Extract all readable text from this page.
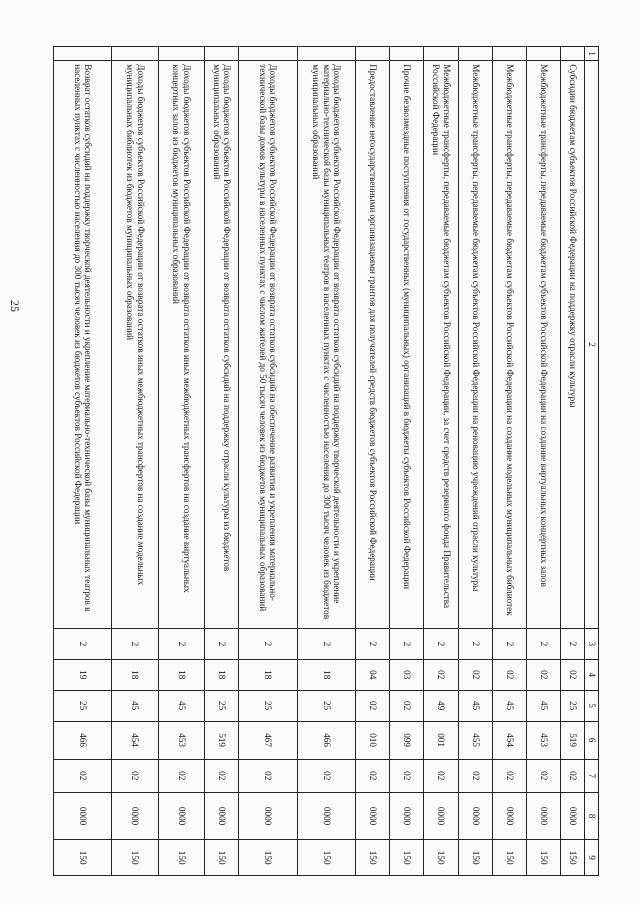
25
1	2	3	4	5	6	7	8	9
	Субсидии бюджетам субъектов Российской Федерации на поддержку отрасли культуры	2	02	25	519	02	0000	150
	Межбюджетные трансферты, передаваемые бюджетам субъектов Российской Федерации на создание виртуальных концертных залов	2	02	45	453	02	0000	150
	Межбюджетные трансферты, передаваемые бюджетам субъектов Российской Федерации на создание модельных муниципальных библиотек	2	02	45	454	02	0000	150
	Межбюджетные трансферты, передаваемые бюджетам субъектов Российской Федерации на реновацию учреждений отрасли культуры	2	02	45	455	02	0000	150
	Межбюджетные трансферты, передаваемые бюджетам субъектов Российской Федерации, за счет средств резервного фонда Правительства Российской Федерации	2	02	49	001	02	0000	150
	Прочие безвозмездные поступления от государственных (муниципальных) организаций в бюджеты субъектов Российской Федерации	2	03	02	099	02	0000	150
	Предоставление негосударственными организациями грантов для получателей средств бюджетов субъектов Российской Федерации	2	04	02	010	02	0000	150
	Доходы бюджетов субъектов Российской Федерации от возврата остатков субсидий на поддержку творческой деятельности и укрепление материально-технической базы муниципальных театров в населенных пунктах с численностью населения до 300 тысяч человек из бюджетов муниципальных образований	2	18	25	466	02	0000	150
	Доходы бюджетов субъектов Российской Федерации от возврата остатков субсидий на обеспечение развития и укрепления материально-технической базы домов культуры в населенных пунктах с числом жителей до 50 тысяч человек из бюджетов муниципальных образований	2	18	25	467	02	0000	150
	Доходы бюджетов субъектов Российской Федерации от возврата остатков субсидий на поддержку отрасли культуры из бюджетов муниципальных образований	2	18	25	519	02	0000	150
	Доходы бюджетов субъектов Российской Федерации от возврата остатков иных межбюджетных трансфертов на создание виртуальных концертных залов из бюджетов муниципальных образований	2	18	45	453	02	0000	150
	Доходы бюджетов субъектов Российской Федерации от возврата остатков иных межбюджетных трансфертов на создание модельных муниципальных библиотек из бюджетов муниципальных образований	2	18	45	454	02	0000	150
	Возврат остатков субсидий на поддержку творческой деятельности и укрепление материально-технической базы муниципальных театров в населенных пунктах с численностью населения до 300 тысяч человек из бюджетов субъектов Российской Федерации	2	19	25	466	02	0000	150
